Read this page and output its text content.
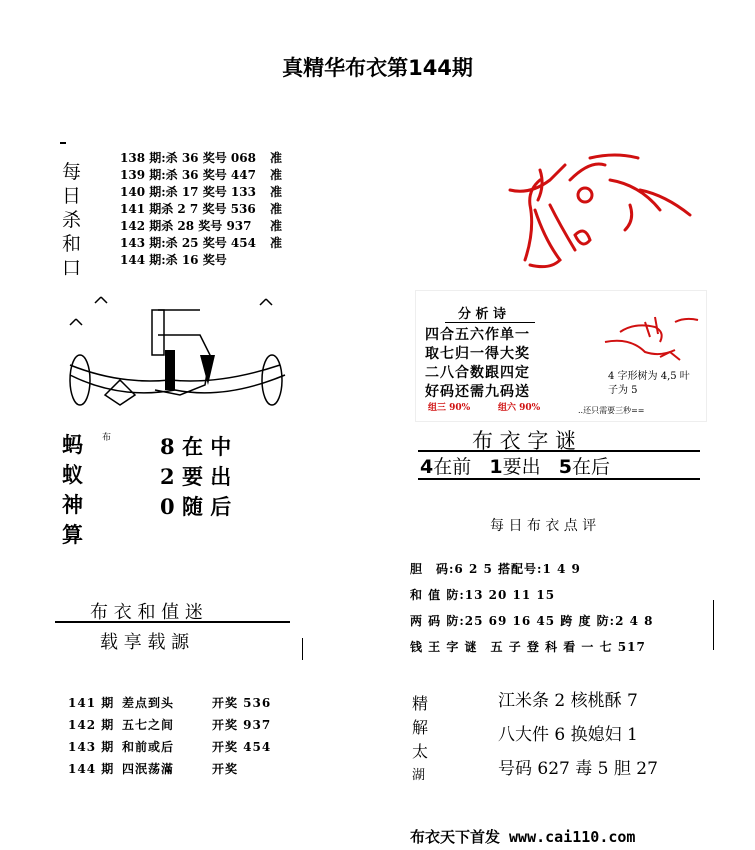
真精华布衣第144期
每
日
杀
和
口
138 期:杀 36 奖号 068 准
139 期:杀 36 奖号 447 准
140 期:杀 17 奖号 133 准
141 期杀 2 7 奖号 536 准
142 期杀 28 奖号 937 准
143 期:杀 25 奖号 454 准
144 期:杀 16 奖号
蚂
蚁
神
算
布 8 在 中
2 要 出
0 随 后
分 析 诗
四合五六作单一
取七归一得大奖
二八合数跟四定
好码还需九码送
组三 90%	组六 90%
4 字形树为 4,5 叶
子为 5
..还只需要三秒==
布 衣 字 谜
4在前 1要出 5在后
每 日 布 衣 点 评
胆　码:6 2 5 搭配号:1 4 9
和 值 防:13 20 11 15
两 码 防:25 69 16 45 跨 度 防:2 4 8
钱 王 字 谜　五 子 登 科 看 一 七 517
布 衣 和 值 迷
载 享 载 謜
141 期 差点到头	开奖 536
142 期 五七之间	开奖 937
143 期 和前或后	开奖 454
144 期 四泯荡滿	开奖
精
解
太
湖
江米条 2 核桃酥 7
八大件 6 换媳妇 1
号码 627 毒 5 胆 27
布衣天下首发 www.cai110.com
